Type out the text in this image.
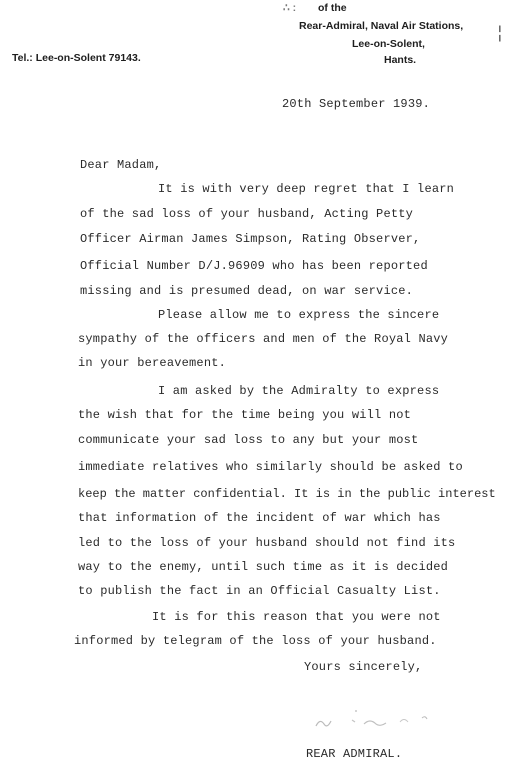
∴ : of the
Rear-Admiral, Naval Air Stations,
Lee-on-Solent,
Hants.
Tel.: Lee-on-Solent 79143.
╎
20th September 1939.
Dear Madam,
It is with very deep regret that I learn
of the sad loss of your husband, Acting Petty
Officer Airman James Simpson, Rating Observer,
Official Number D/J.96909 who has been reported
missing and is presumed dead, on war service.
Please allow me to express the sincere
sympathy of the officers and men of the Royal Navy
in your bereavement.
I am asked by the Admiralty to express
the wish that for the time being you will not
communicate your sad loss to any but your most
immediate relatives who similarly should be asked to
keep the matter confidential. It is in the public interest
that information of the incident of war which has
led to the loss of your husband should not find its
way to the enemy, until such time as it is decided
to publish the fact in an Official Casualty List.
It is for this reason that you were not
informed by telegram of the loss of your husband.
Yours sincerely,
REAR ADMIRAL.
